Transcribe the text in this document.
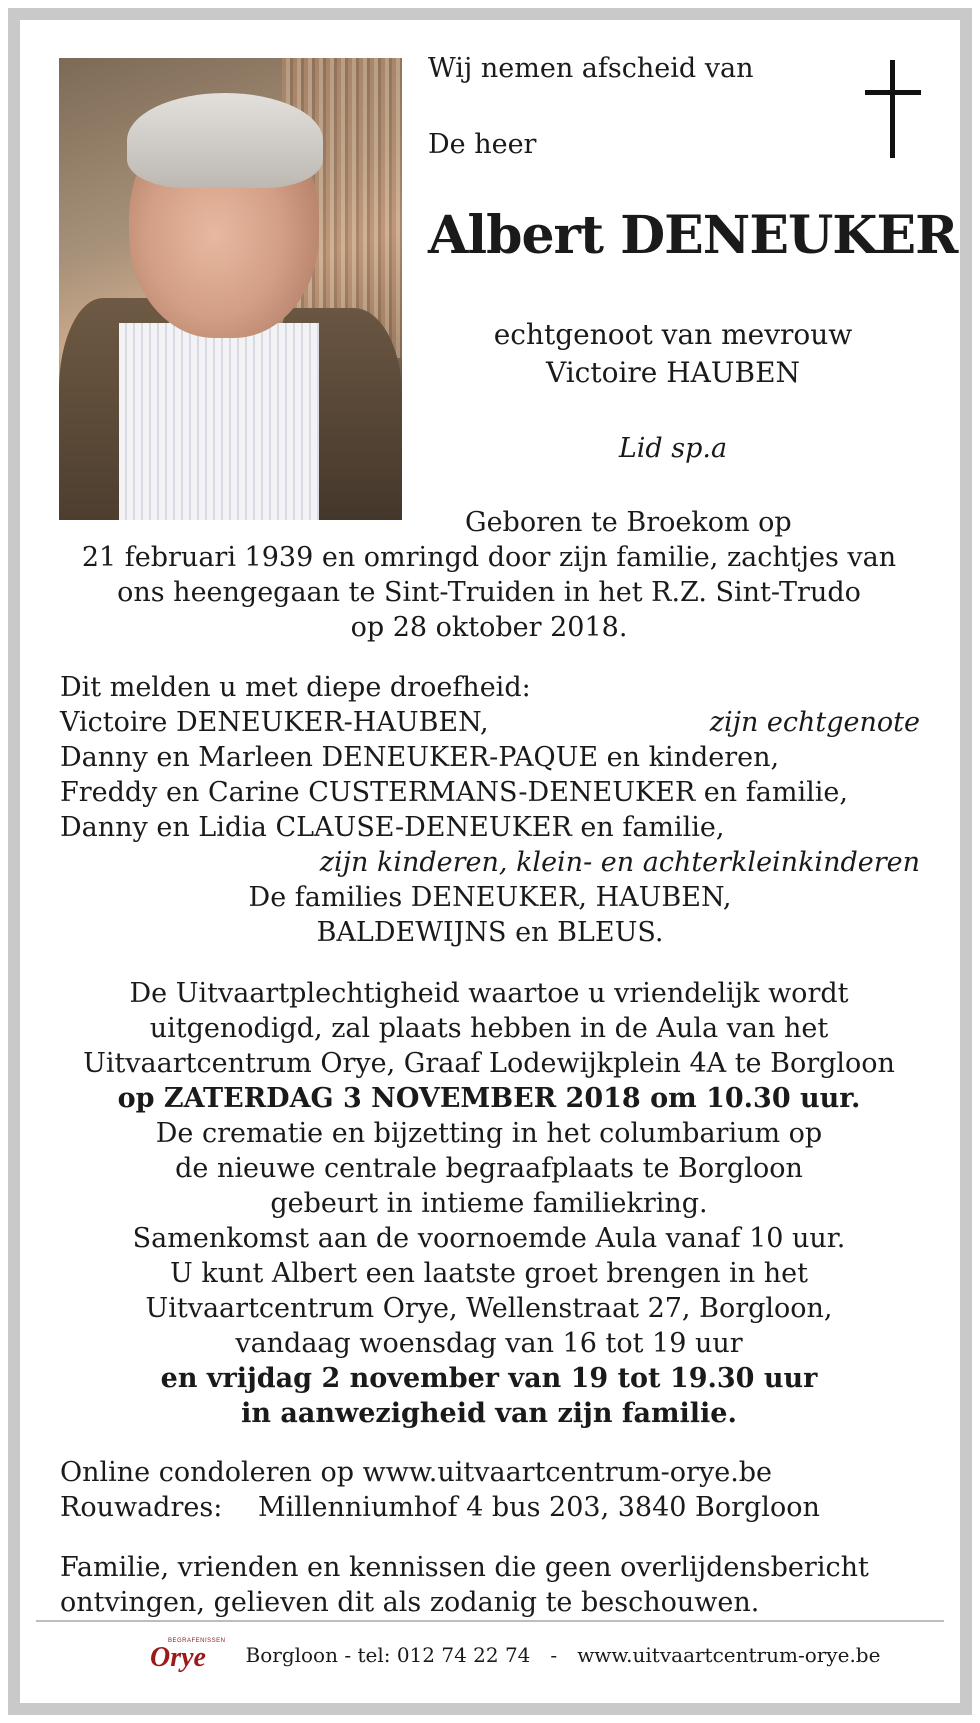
Wij nemen afscheid van
De heer
Albert DENEUKER
echtgenoot van mevrouw
Victoire HAUBEN
Lid sp.a
Geboren te Broekom op
21 februari 1939 en omringd door zijn familie, zachtjes van
ons heengegaan te Sint-Truiden in het R.Z. Sint-Trudo
op 28 oktober 2018.
Dit melden u met diepe droefheid:
Victoire DENEUKER-HAUBEN,	zijn echtgenote
Danny en Marleen DENEUKER-PAQUE en kinderen,
Freddy en Carine CUSTERMANS-DENEUKER en familie,
Danny en Lidia CLAUSE-DENEUKER en familie,
zijn kinderen, klein- en achterkleinkinderen
De families DENEUKER, HAUBEN,
BALDEWIJNS en BLEUS.
De Uitvaartplechtigheid waartoe u vriendelijk wordt
uitgenodigd, zal plaats hebben in de Aula van het
Uitvaartcentrum Orye, Graaf Lodewijkplein 4A te Borgloon
op ZATERDAG 3 NOVEMBER 2018 om 10.30 uur.
De crematie en bijzetting in het columbarium op
de nieuwe centrale begraafplaats te Borgloon
gebeurt in intieme familiekring.
Samenkomst aan de voornoemde Aula vanaf 10 uur.
U kunt Albert een laatste groet brengen in het
Uitvaartcentrum Orye, Wellenstraat 27, Borgloon,
vandaag woensdag van 16 tot 19 uur
en vrijdag 2 november van 19 tot 19.30 uur
in aanwezigheid van zijn familie.
Online condoleren op www.uitvaartcentrum-orye.be
Rouwadres: Millenniumhof 4 bus 203, 3840 Borgloon
Familie, vrienden en kennissen die geen overlijdensbericht
ontvingen, gelieven dit als zodanig te beschouwen.
BEGRAFENISSEN
Orye Borgloon - tel: 012 74 22 74 - www.uitvaartcentrum-orye.be
